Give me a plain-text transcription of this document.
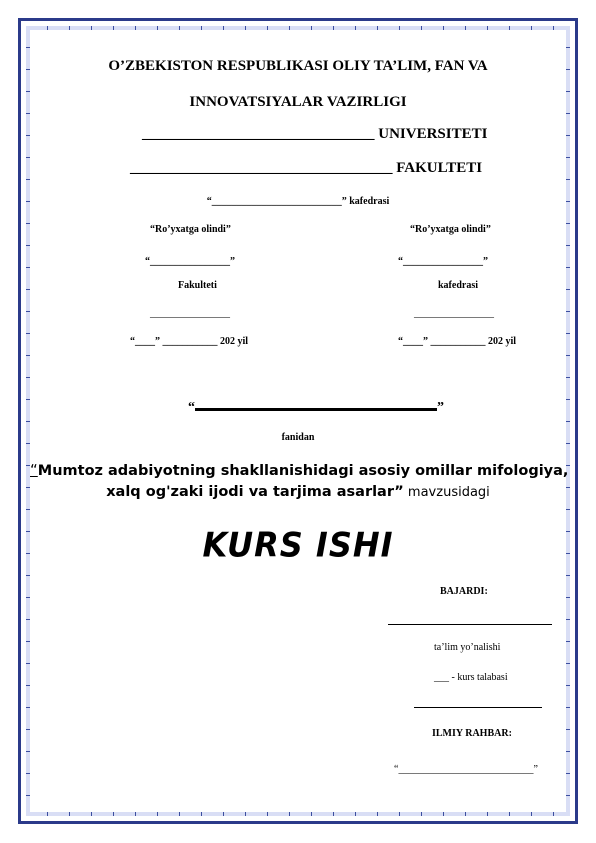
O’ZBEKISTON RESPUBLIKASI OLIY TA’LIM, FAN VA
INNOVATSIYALAR VAZIRLIGI
_______________________________ UNIVERSITETI
___________________________________ FAKULTETI
“__________________________” kafedrasi
“Ro’yxatga olindi”
“________________”
Fakulteti
________________
“____” ___________ 202 yil
“Ro’yxatga olindi”
“________________”
kafedrasi
________________
“____” ___________ 202 yil
“	”
fanidan
“Mumtoz adabiyotning shakllanishidagi asosiy omillar mifologiya,
xalq og'zaki ijodi va tarjima asarlar” mavzusidagi
KURS ISHI
BAJARDI:
ta’lim yo’nalishi
___ - kurs talabasi
ILMIY RAHBAR:
“___________________________”
